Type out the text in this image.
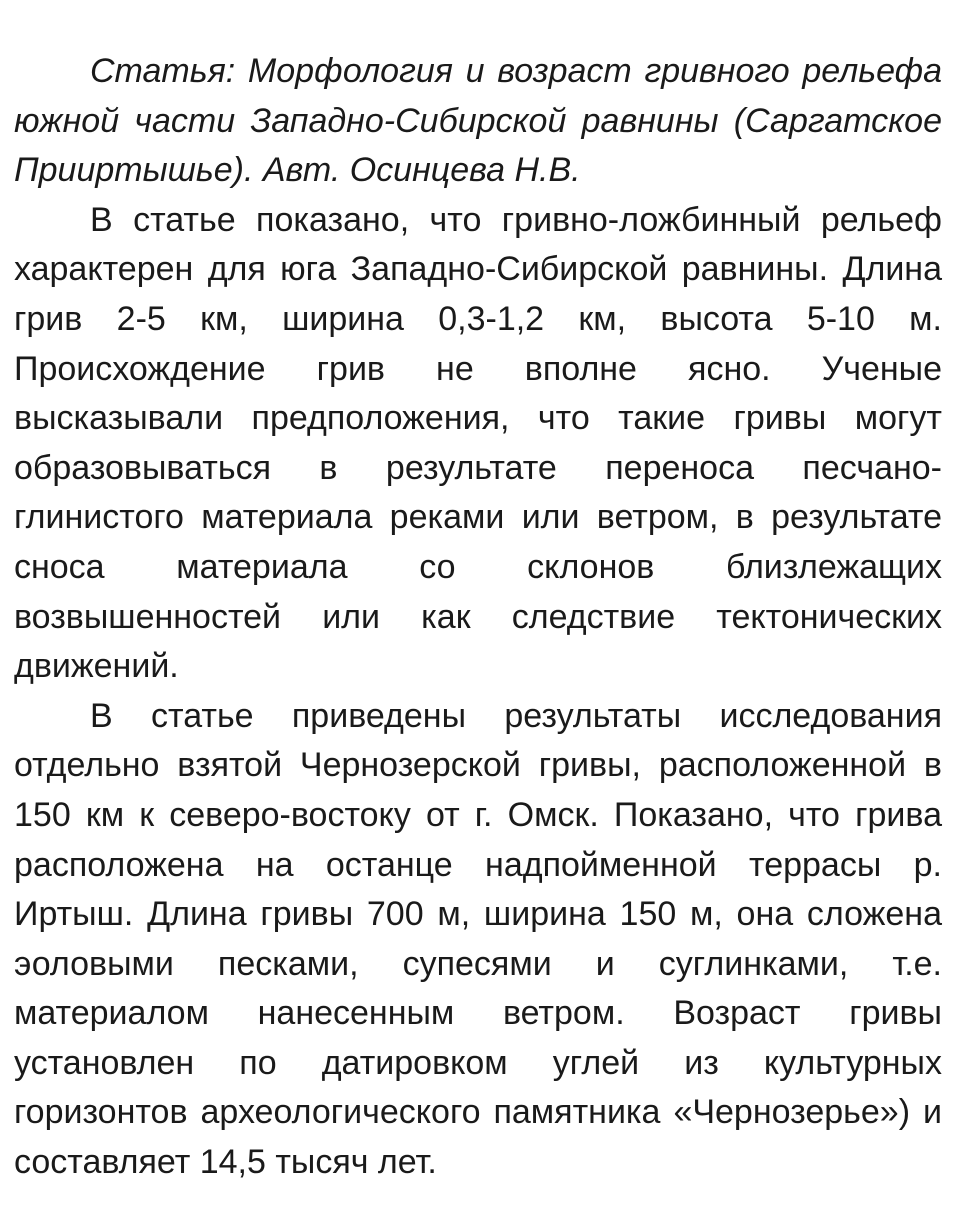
Статья: Морфология и возраст гривного рельефа южной части Западно-Сибирской равнины (Саргатское Прииртышье). Авт. Осинцева Н.В.

В статье показано, что гривно-ложбинный рельеф характерен для юга Западно-Сибирской равнины. Длина грив 2-5 км, ширина 0,3-1,2 км, высота 5-10 м. Происхождение грив не вполне ясно. Ученые высказывали предположения, что такие гривы могут образовываться в результате переноса песчано-глинистого материала реками или ветром, в результате сноса материала со склонов близлежащих возвышенностей или как следствие тектонических движений.

В статье приведены результаты исследования отдельно взятой Чернозерской гривы, расположенной в 150 км к северо-востоку от г. Омск. Показано, что грива расположена на останце надпойменной террасы р. Иртыш. Длина гривы 700 м, ширина 150 м, она сложена эоловыми песками, супесями и суглинками, т.е. материалом нанесенным ветром. Возраст гривы установлен по датировком углей из культурных горизонтов археологического памятника «Чернозерье») и составляет 14,5 тысяч лет.
